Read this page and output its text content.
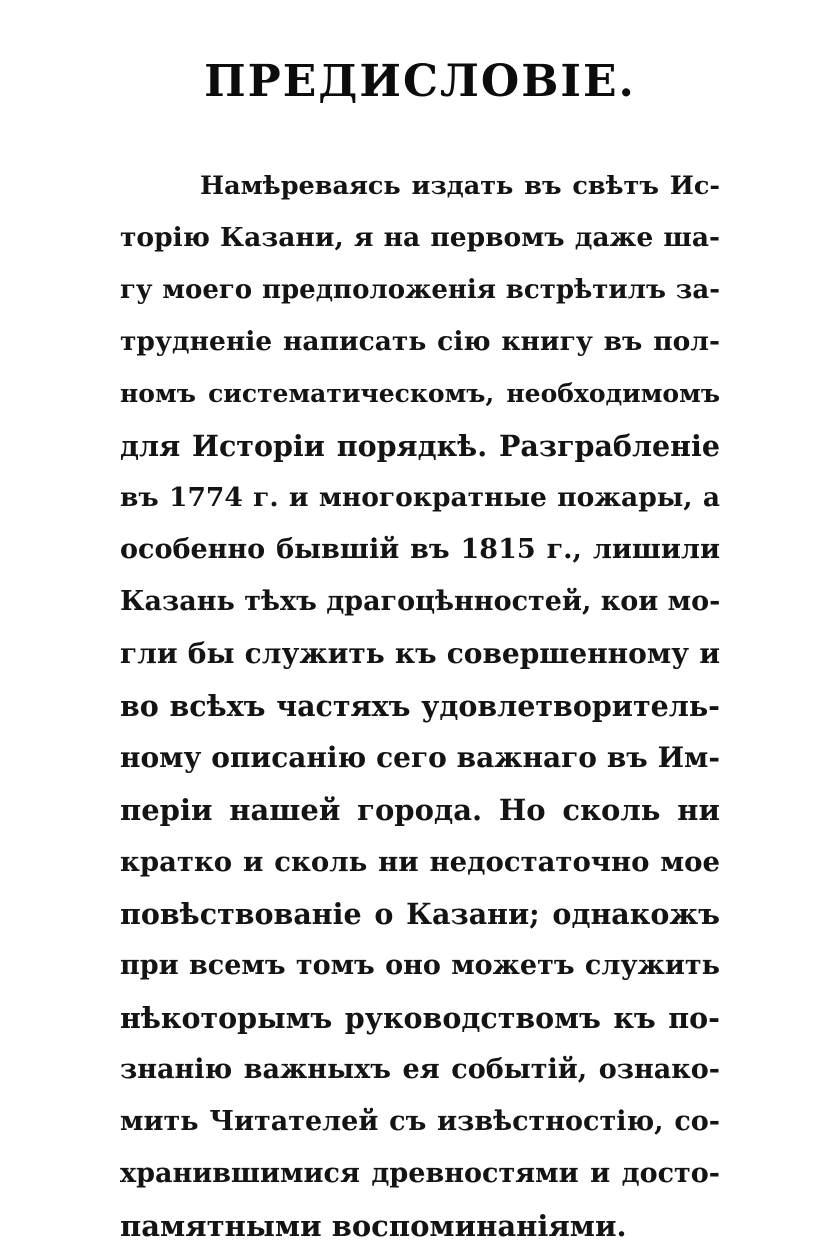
ПРЕДИСЛОВІЕ.
Намѣреваясь издать въ свѣтъ Ис-
торію Казани, я на первомъ даже ша-
гу моего предположенія встрѣтилъ за-
трудненіе написать сію книгу въ пол-
номъ систематическомъ, необходимомъ
для Исторіи порядкѣ. Разграбленіе
въ 1774 г. и многократные пожары, а
особенно бывшій въ 1815 г., лишили
Казань тѣхъ драгоцѣнностей, кои мо-
гли бы служить къ совершенному и
во всѣхъ частяхъ удовлетворитель-
ному описанію сего важнаго въ Им-
періи нашей города. Но сколь ни
кратко и сколь ни недостаточно мое
повѣствованіе о Казани; однакожъ
при всемъ томъ оно можетъ служить
нѣкоторымъ руководствомъ къ по-
знанію важныхъ ея событій, ознако-
мить Читателей съ извѣстностію, со-
хранившимися древностями и досто-
памятными воспоминаніями.
